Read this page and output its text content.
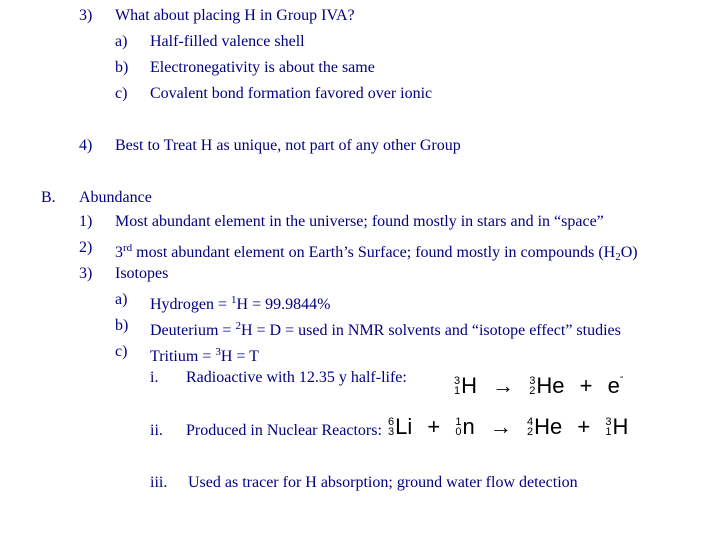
3) What about placing H in Group IVA?
a) Half-filled valence shell
b) Electronegativity is about the same
c) Covalent bond formation favored over ionic
4) Best to Treat H as unique, not part of any other Group
B. Abundance
1) Most abundant element in the universe; found mostly in stars and in “space”
2) 3rd most abundant element on Earth’s Surface; found mostly in compounds $(H_2O)$
3) Isotopes
a) Hydrogen = $^1$H = 99.9844%
b) Deuterium = $^2$H = D = used in NMR solvents and “isotope effect” studies
c) Tritium = $^3$H = T
i. Radioactive with 12.35 y half-life:	3
1 H → 3
2 He + e-
ii. Produced in Nuclear Reactors: 6
3 Li + 1
0 n → 4
2 He + 3
1 H
iii. Used as tracer for H absorption; ground water flow detection
